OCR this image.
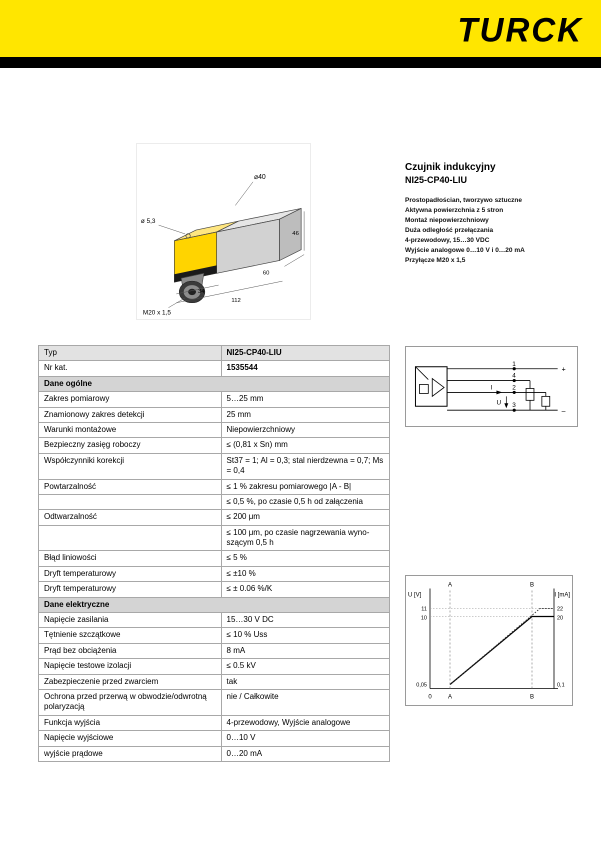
TURCK
⌀40
ø 5,3
M20 x 1,5
34
112
60
46
Czujnik indukcyjny
NI25-CP40-LIU
Prostopadłościan, tworzywo sztuczne
Aktywna powierzchnia z 5 stron
Montaż niepowierzchniowy
Duża odległość przełączania
4-przewodowy, 15…30 VDC
Wyjście analogowe 0…10 V i 0…20 mA
Przyłącze M20 x 1,5
Typ	NI25-CP40-LIU
Nr kat.	1535544
Dane ogólne	
Zakres pomiarowy	5…25 mm
Znamionowy zakres detekcji	25 mm
Warunki montażowe	Niepowierzchniowy
Bezpieczny zasięg roboczy	≤ (0,81 x Sn) mm
Współczynniki korekcji	St37 = 1; Al = 0,3; stal nierdzewna = 0,7; Ms = 0,4
Powtarzalność	≤ 1 % zakresu pomiarowego |A - B|
	≤ 0,5 %, po czasie 0,5 h od załączenia
Odtwarzalność	≤ 200 μm
	≤ 100 μm, po czasie nagrzewania wyno-szącym 0,5 h
Błąd liniowości	≤ 5 %
Dryft temperaturowy	≤ ±10 %
Dryft temperaturowy	≤ ± 0.06 %/K
Dane elektryczne	
Napięcie zasilania	15…30 V DC
Tętnienie szczątkowe	≤ 10 % Uss
Prąd bez obciążenia	8 mA
Napięcie testowe izolacji	≤ 0.5 kV
Zabezpieczenie przed zwarciem	tak
Ochrona przed przerwą w obwodzie/odwrotną polaryzacją	nie / Całkowite
Funkcja wyjścia	4-przewodowy, Wyjście analogowe
Napięcie wyjściowe	0…10 V
wyjście prądowe	0…20 mA
1
4
2
3
+
–
U
I
U [V]	I [mA]
A	B
11
10
0,05
22
20
0,1
0	A	B
